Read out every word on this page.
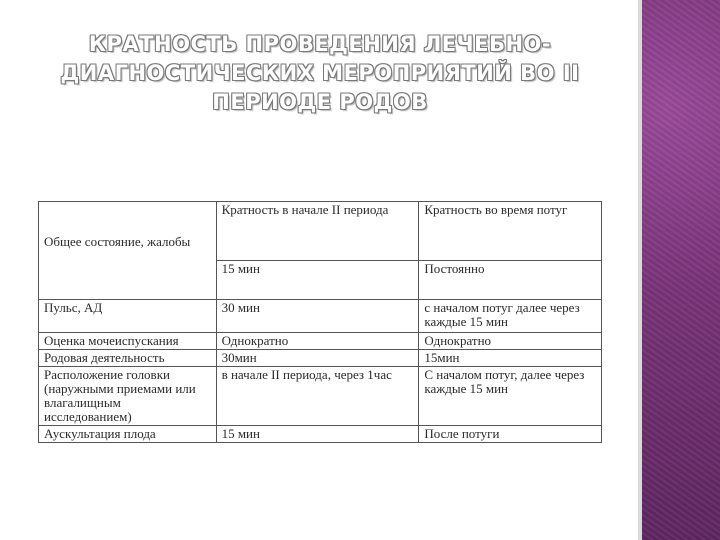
КРАТНОСТЬ ПРОВЕДЕНИЯ ЛЕЧЕБНО-
ДИАГНОСТИЧЕСКИХ МЕРОПРИЯТИЙ ВО II
ПЕРИОДЕ РОДОВ
Общее состояние, жалобы	Кратность в начале II периода	Кратность во время потуг
	15 мин	Постоянно
Пульс, АД	30 мин	с началом потуг далее через каждые 15 мин
Оценка мочеиспускания	Однократно	Однократно
Родовая деятельность	30мин	15мин
Расположение головки (наружными приемами или влагалищным исследованием)	в начале II периода, через 1час	С началом потуг, далее через каждые 15 мин
Аускультация плода	15 мин	После потуги
